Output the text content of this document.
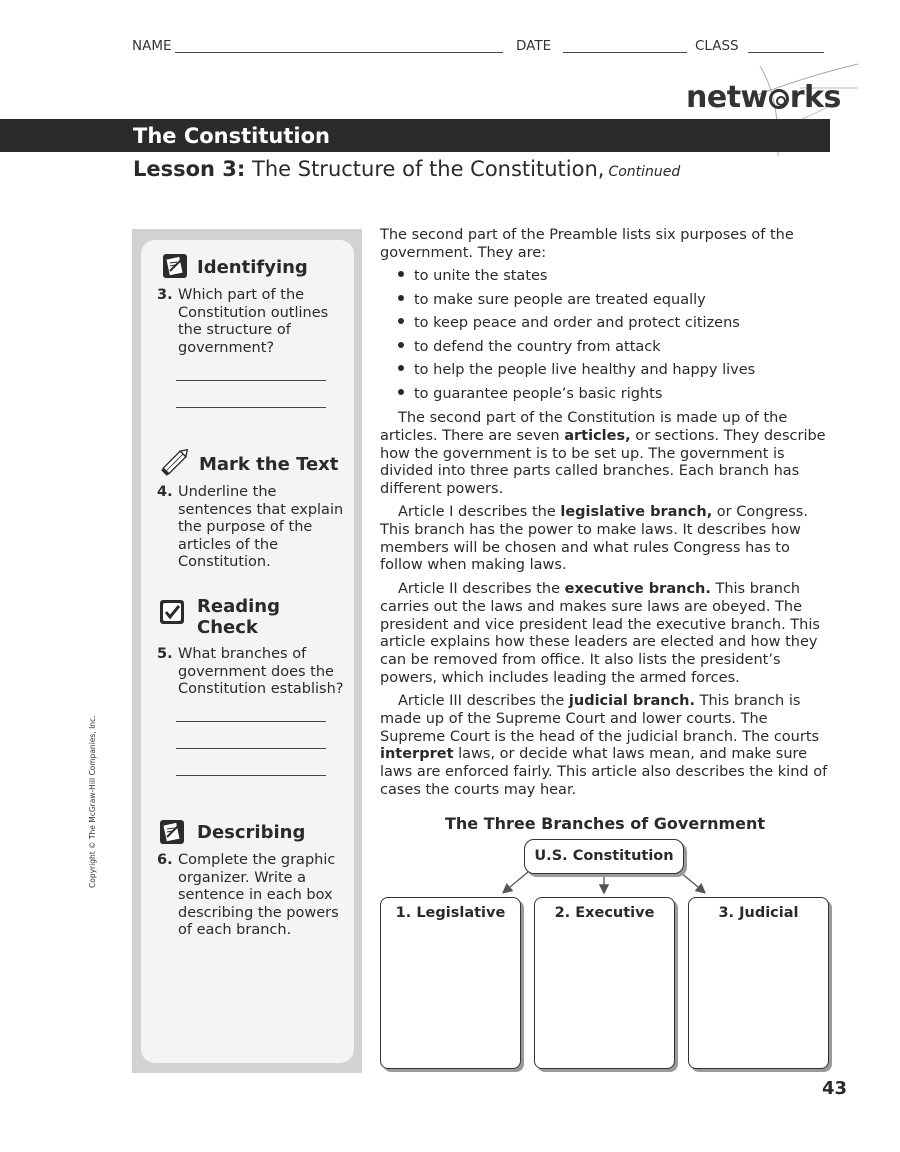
NAME	DATE	CLASS
netw rks
The Constitution
Lesson 3: The Structure of the Constitution, Continued
Identifying
3. Which part of the Constitution outlines the structure of government?
Mark the Text
4. Underline the sentences that explain the purpose of the articles of the Constitution.
Reading
Check
5. What branches of government does the Constitution establish?
Describing
6. Complete the graphic organizer. Write a sentence in each box describing the powers of each branch.
The second part of the Preamble lists six purposes of the government. They are:
to unite the states
to make sure people are treated equally
to keep peace and order and protect citizens
to defend the country from attack
to help the people live healthy and happy lives
to guarantee people’s basic rights

The second part of the Constitution is made up of the articles. There are seven articles, or sections. They describe how the government is to be set up. The government is divided into three parts called branches. Each branch has different powers.

Article I describes the legislative branch, or Congress. This branch has the power to make laws. It describes how members will be chosen and what rules Congress has to follow when making laws.

Article II describes the executive branch. This branch carries out the laws and makes sure laws are obeyed. The president and vice president lead the executive branch. This article explains how these leaders are elected and how they can be removed from office. It also lists the president’s powers, which includes leading the armed forces.

Article III describes the judicial branch. This branch is made up of the Supreme Court and lower courts. The Supreme Court is the head of the judicial branch. The courts interpret laws, or decide what laws mean, and make sure laws are enforced fairly. This article also describes the kind of cases the courts may hear.

The Three Branches of Government
U.S. Constitution
1. Legislative	2. Executive	3. Judicial
Copyright © The McGraw-Hill Companies, Inc.
43
